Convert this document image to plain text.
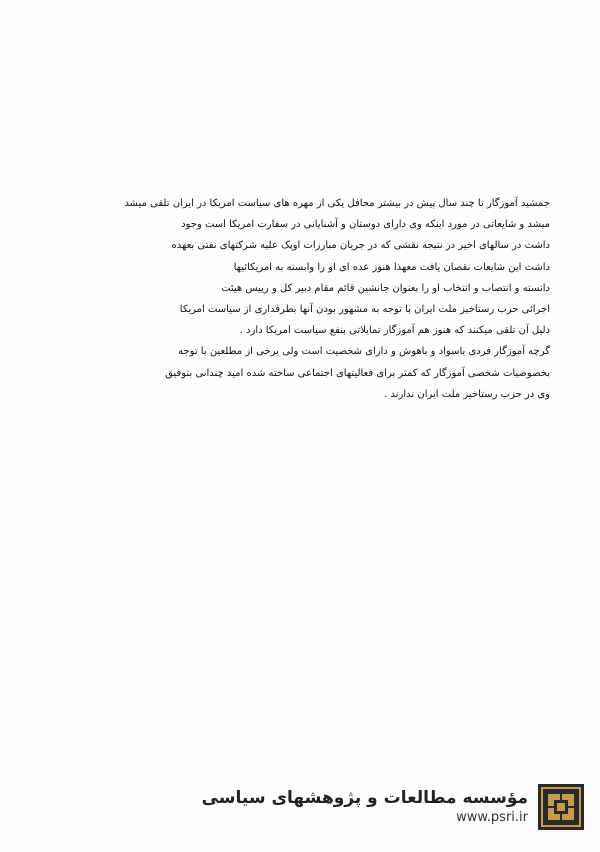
جمشید آموزگار تا چند سال پیش در بیشتر محافل یکی از مهره های سیاست امریکا در ایران تلقی میشد
میشد و شایعاتی در مورد اینکه وی دارای دوستان و آشنایانی در سفارت امریکا است وجود
داشت در سالهای اخیر در نتیجه نقشی که در جریان مبارزات اوپک علیه شرکتهای نفتی بعهده
داشت این شایعات نقصان یافت معهذا هنوز عده ای او را وابسته به امریکائیها
دانسته و انتصاب و انتخاب او را بعنوان جانشین قائم مقام دبیر کل و رییس هیئت
اجرائی حزب رستاخیز ملت ایران با توجه به مشهور بودن آنها بطرفداری از سیاست امریکا
دلیل آن تلقی میکنند که هنوز هم آموزگار تمایلاتی بنفع سیاست امریکا دارد .
گرچه آموزگار فردی باسواد و باهوش و دارای شخصیت است ولی برخی از مطلعین با توجه
بخصوصیات شخصی آموزگار که کمتر برای فعالیتهای اجتماعی ساخته شده امید چندانی بتوفیق
وی در حزب رستاخیز ملت ایران ندارند .
مؤسسه مطالعات و پژوهشهای سیاسی
www.psri.ir
